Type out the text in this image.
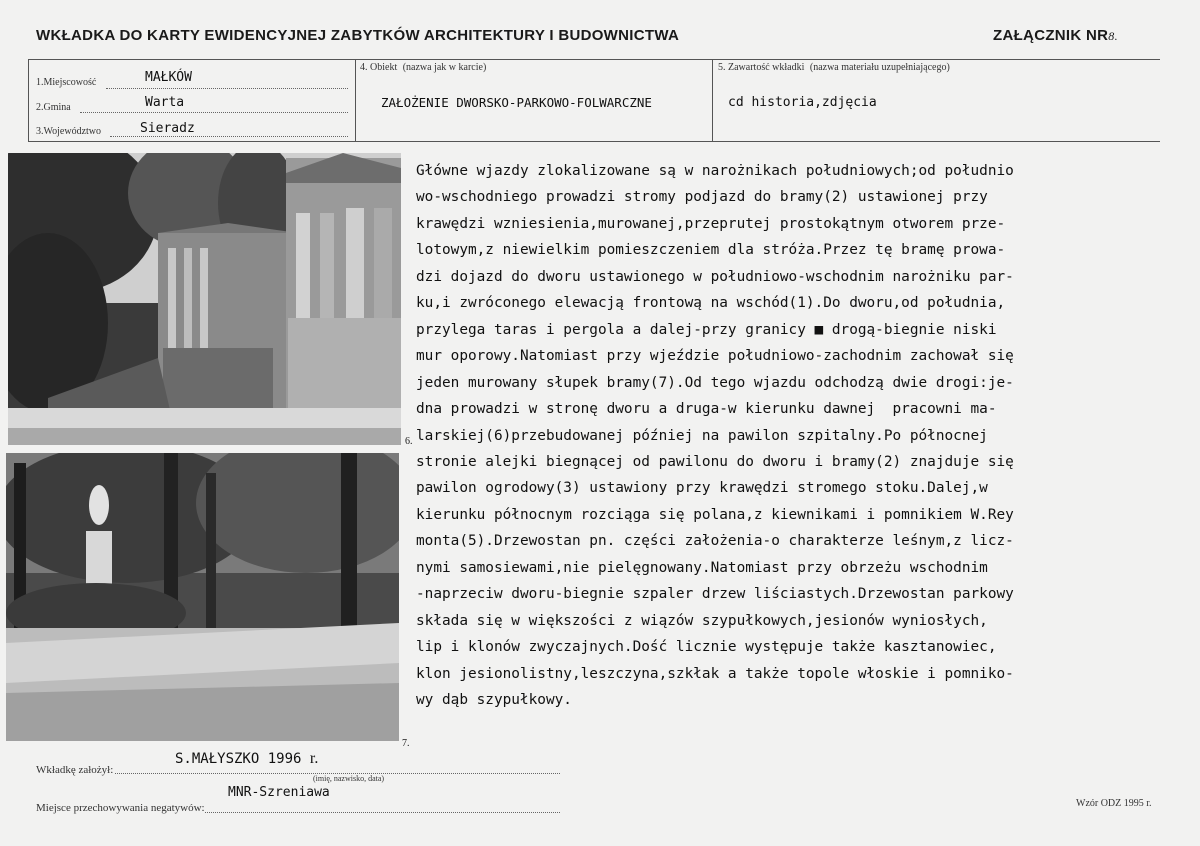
WKŁADKA DO KARTY EWIDENCYJNEJ ZABYTKÓW ARCHITEKTURY I BUDOWNICTWA	ZAŁĄCZNIK NR8.
1.Miejscowość	MAŁKÓW
2.Gmina	Warta
3.Województwo	Sieradz
4. Obiekt (nazwa jak w karcie)
ZAŁOŻENIE DWORSKO-PARKOWO-FOLWARCZNE
5. Zawartość wkładki (nazwa materiału uzupełniającego)
cd historia,zdjęcia
6.
7.
Główne wjazdy zlokalizowane są w narożnikach południowych;od południo
wo-wschodniego prowadzi stromy podjazd do bramy(2) ustawionej przy
krawędzi wzniesienia,murowanej,przeprutej prostokątnym otworem prze-
lotowym,z niewielkim pomieszczeniem dla stróża.Przez tę bramę prowa-
dzi dojazd do dworu ustawionego w południowo-wschodnim narożniku par-
ku,i zwróconego elewacją frontową na wschód(1).Do dworu,od południa,
przylega taras i pergola a dalej-przy granicy ■ drogą-biegnie niski
mur oporowy.Natomiast przy wjeździe południowo-zachodnim zachował się
jeden murowany słupek bramy(7).Od tego wjazdu odchodzą dwie drogi:je-
dna prowadzi w stronę dworu a druga-w kierunku dawnej  pracowni ma-
larskiej(6)przebudowanej później na pawilon szpitalny.Po północnej
stronie alejki biegnącej od pawilonu do dworu i bramy(2) znajduje się
pawilon ogrodowy(3) ustawiony przy krawędzi stromego stoku.Dalej,w
kierunku północnym rozciąga się polana,z kiewnikami i pomnikiem W.Rey
monta(5).Drzewostan pn. części założenia-o charakterze leśnym,z licz-
nymi samosiewami,nie pielęgnowany.Natomiast przy obrzeżu wschodnim
-naprzeciw dworu-biegnie szpaler drzew liściastych.Drzewostan parkowy
składa się w większości z wiązów szypułkowych,jesionów wyniosłych,
lip i klonów zwyczajnych.Dość licznie występuje także kasztanowiec,
klon jesionolistny,leszczyna,szkłak a także topole włoskie i pomniko-
wy dąb szypułkowy.
Wkładkę założył:
S.MAŁYSZKO 1996 r.
(imię, nazwisko, data)
Miejsce przechowywania negatywów:
MNR-Szreniawa
Wzór ODZ 1995 r.
